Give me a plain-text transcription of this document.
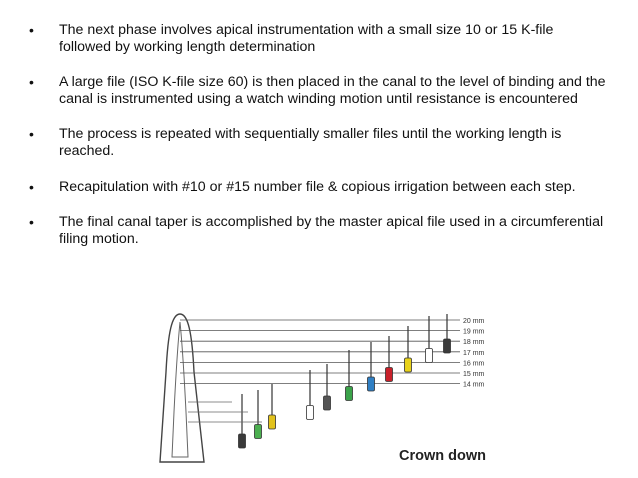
• The next phase involves apical instrumentation with a small size 10 or 15 K-file followed by working length determination
• A large file (ISO K-file size 60) is then placed in the canal to the level of binding and the canal is instrumented using a watch winding motion until resistance is encountered
• The process is repeated with sequentially smaller files until the working length is reached.
• Recapitulation with #10 or #15 number file & copious irrigation between each step.
• The final canal taper is accomplished by the master apical file used in a circumferential filing motion.
20 mm
19 mm
18 mm
17 mm
16 mm
15 mm
14 mm
Crown down
